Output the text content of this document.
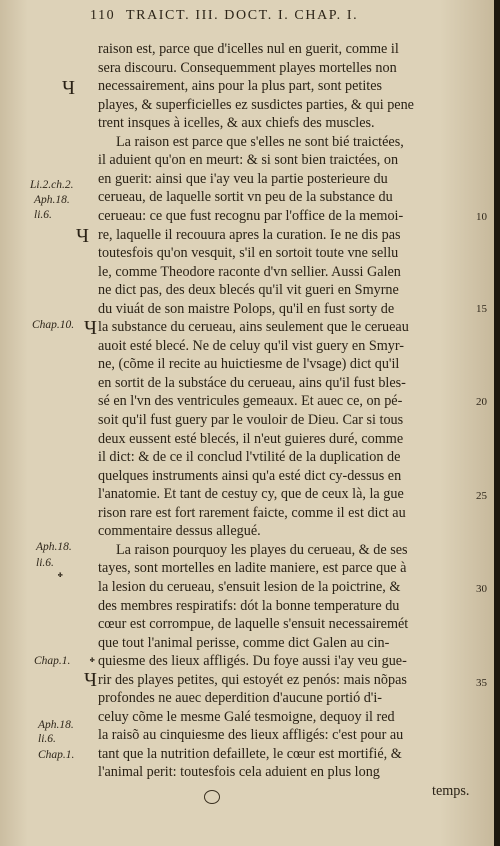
110 TRAICT. III. DOCT. I. CHAP. I.
raison est, parce que d'icelles nul en guerit, comme il
sera discouru. Consequemment playes mortelles non
necessairement, ains pour la plus part, sont petites
playes, & superficielles ez susdictes parties, & qui pene
trent insques à icelles, & aux chiefs des muscles.
La raison est parce que s'elles ne sont bié traictées,
il aduient qu'on en meurt: & si sont bien traictées, on
en guerit: ainsi que i'ay veu la partie posterieure du
cerueau, de laquelle sortit vn peu de la substance du
cerueau: ce que fust recognu par l'office de la memoi-
re, laquelle il recouura apres la curation. Ie ne dis pas
toutesfois qu'on vesquit, s'il en sortoit toute vne sellu
le, comme Theodore raconte d'vn sellier. Aussi Galen
ne dict pas, des deux blecés qu'il vit gueri en Smyrne
du viuát de son maistre Polops, qu'il en fust sorty de
la substance du cerueau, ains seulement que le cerueau
auoit esté blecé. Ne de celuy qu'il vist guery en Smyr-
ne, (cõme il recite au huictiesme de l'vsage) dict qu'il
en sortit de la substáce du cerueau, ains qu'il fust bles-
sé en l'vn des ventricules gemeaux. Et auec ce, on pé-
soit qu'il fust guery par le vouloir de Dieu. Car si tous
deux eussent esté blecés, il n'eut guieres duré, comme
il dict: & de ce il conclud l'vtilité de la duplication de
quelques instruments ainsi qu'a esté dict cy-dessus en
l'anatomie. Et tant de cestuy cy, que de ceux là, la gue
rison rare est fort rarement faicte, comme il est dict au
commentaire dessus allegué.
La raison pourquoy les playes du cerueau, & de ses
tayes, sont mortelles en ladite maniere, est parce que à
la lesion du cerueau, s'ensuit lesion de la poictrine, &
des membres respiratifs: dót la bonne temperature du
cœur est corrompue, de laquelle s'ensuit necessairemét
que tout l'animal perisse, comme dict Galen au cin-
quiesme des lieux affligés. Du foye aussi i'ay veu gue-
rir des playes petites, qui estoyét ez penós: mais nõpas
profondes ne auec deperdition d'aucune portió d'i-
celuy cõme le mesme Galé tesmoigne, dequoy il red
la raisõ au cinquiesme des lieux affligés: c'est pour au
tant que la nutrition defaillete, le cœur est mortifié, &
l'animal perit: toutesfois cela aduient en plus long
temps.
Li.2.ch.2.
Aph.18.
li.6.
Chap.10.
Aph.18.
li.6.
Chap.1.
Aph.18.
li.6.
Chap.1.
Ч
Ч
Ч
Ч
᛭
᛭
10
15
20
25
30
35
